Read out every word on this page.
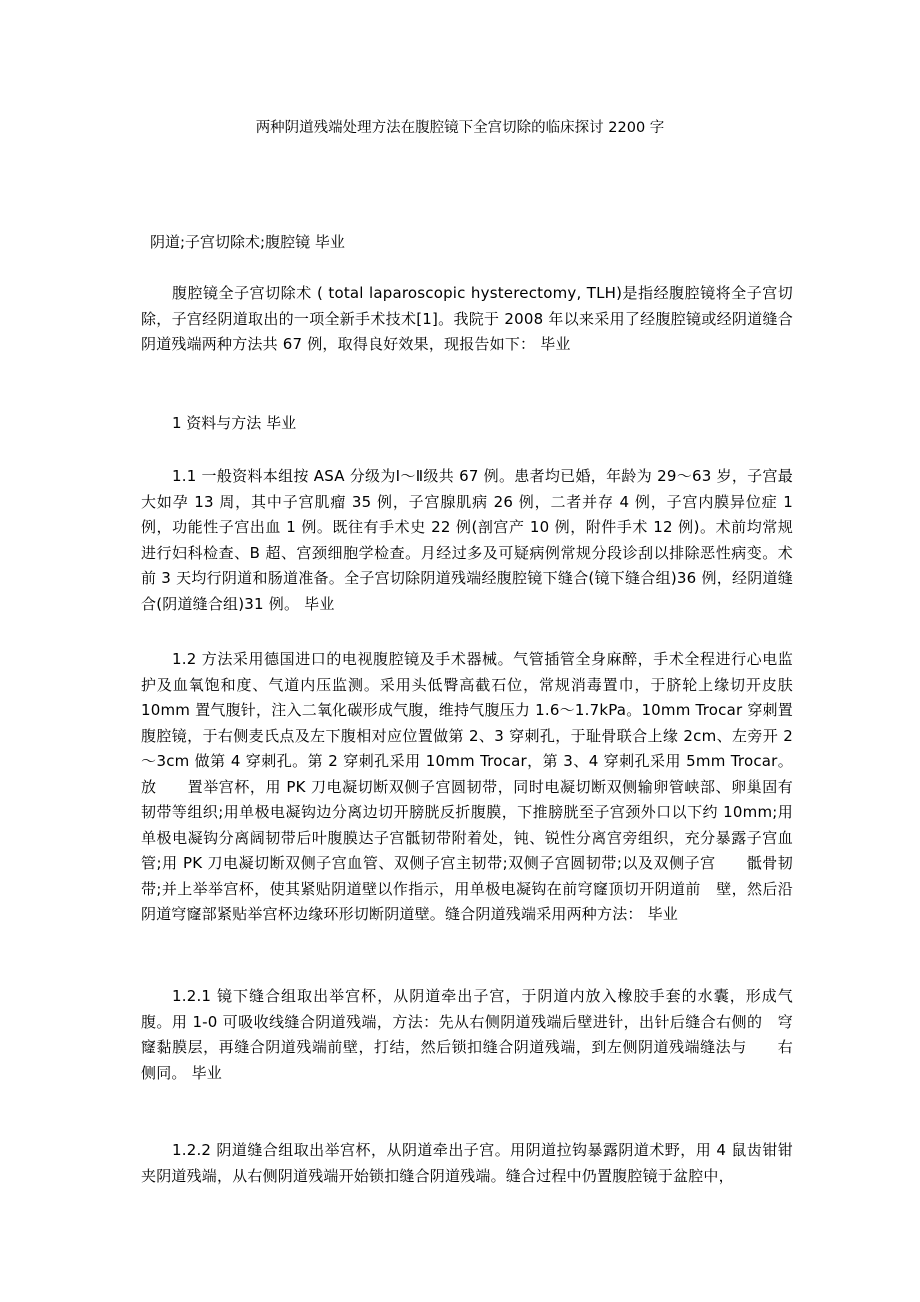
两种阴道残端处理方法在腹腔镜下全宫切除的临床探讨 2200 字

阴道;子宫切除术;腹腔镜 毕业

腹腔镜全子宫切除术 ( total laparoscopic hysterectomy, TLH)是指经腹腔镜将全子宫切除，子宫经阴道取出的一项全新手术技术[1]。我院于 2008 年以来采用了经腹腔镜或经阴道缝合阴道残端两种方法共 67 例，取得良好效果，现报告如下： 毕业

1 资料与方法 毕业

1.1 一般资料本组按 ASA 分级为Ⅰ～Ⅱ级共 67 例。患者均已婚，年龄为 29～63 岁，子宫最大如孕 13 周，其中子宫肌瘤 35 例，子宫腺肌病 26 例，二者并存 4 例，子宫内膜异位症 1 例，功能性子宫出血 1 例。既往有手术史 22 例(剖宫产 10 例，附件手术 12 例)。术前均常规进行妇科检查、B 超、宫颈细胞学检查。月经过多及可疑病例常规分段诊刮以排除恶性病变。术前 3 天均行阴道和肠道准备。全子宫切除阴道残端经腹腔镜下缝合(镜下缝合组)36 例，经阴道缝合(阴道缝合组)31 例。 毕业

1.2 方法采用德国进口的电视腹腔镜及手术器械。气管插管全身麻醉，手术全程进行心电监护及血氧饱和度、气道内压监测。采用头低臀高截石位，常规消毒置巾，于脐轮上缘切开皮肤 10mm 置气腹针，注入二氧化碳形成气腹，维持气腹压力 1.6～1.7kPa。10mm Trocar 穿刺置腹腔镜，于右侧麦氏点及左下腹相对应位置做第 2、3 穿刺孔，于耻骨联合上缘 2cm、左旁开 2～3cm 做第 4 穿刺孔。第 2 穿刺孔采用 10mm Trocar，第 3、4 穿刺孔采用 5mm Trocar。放　　置举宫杯，用 PK 刀电凝切断双侧子宫圆韧带，同时电凝切断双侧输卵管峡部、卵巢固有韧带等组织;用单极电凝钩边分离边切开膀胱反折腹膜，下推膀胱至子宫颈外口以下约 10mm;用单极电凝钩分离阔韧带后叶腹膜达子宫骶韧带附着处，钝、锐性分离宫旁组织，充分暴露子宫血管;用 PK 刀电凝切断双侧子宫血管、双侧子宫主韧带;双侧子宫圆韧带;以及双侧子宫　　骶骨韧带;并上举举宫杯，使其紧贴阴道壁以作指示，用单极电凝钩在前穹窿顶切开阴道前　壁，然后沿阴道穹窿部紧贴举宫杯边缘环形切断阴道壁。缝合阴道残端采用两种方法： 毕业

1.2.1 镜下缝合组取出举宫杯，从阴道牵出子宫，于阴道内放入橡胶手套的水囊，形成气　　腹。用 1-0 可吸收线缝合阴道残端，方法：先从右侧阴道残端后壁进针，出针后缝合右侧的　穹窿黏膜层，再缝合阴道残端前壁，打结，然后锁扣缝合阴道残端，到左侧阴道残端缝法与　　右侧同。 毕业

1.2.2 阴道缝合组取出举宫杯，从阴道牵出子宫。用阴道拉钩暴露阴道术野，用 4 鼠齿钳钳夹阴道残端，从右侧阴道残端开始锁扣缝合阴道残端。缝合过程中仍置腹腔镜于盆腔中，
